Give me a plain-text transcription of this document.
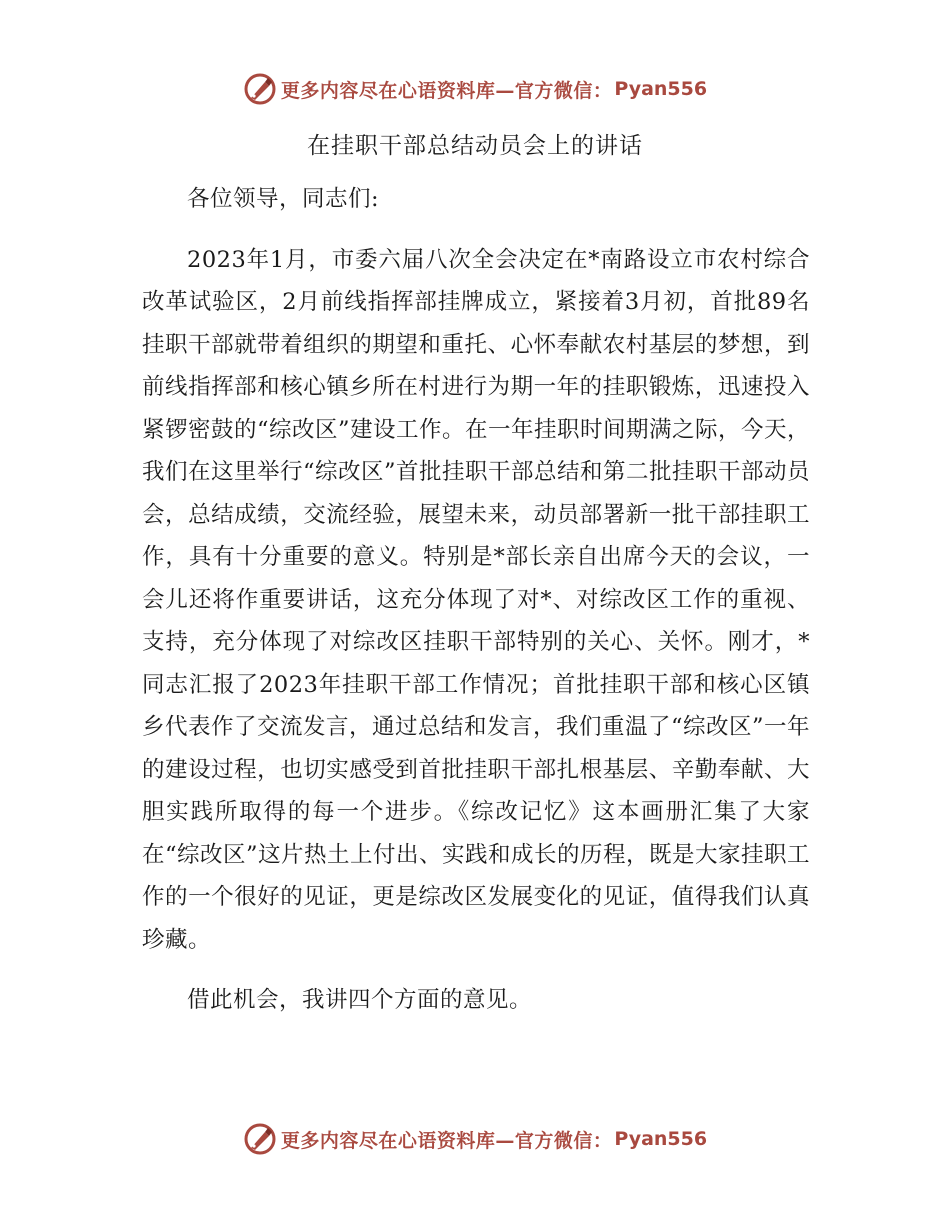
更多内容尽在心语资料库—官方微信： Pyan556
在挂职干部总结动员会上的讲话

各位领导，同志们:

2023年1月，市委六届八次全会决定在*南路设立市农村综合改革试验区，2月前线指挥部挂牌成立，紧接着3月初，首批89名挂职干部就带着组织的期望和重托、心怀奉献农村基层的梦想，到前线指挥部和核心镇乡所在村进行为期一年的挂职锻炼，迅速投入紧锣密鼓的“综改区”建设工作。在一年挂职时间期满之际，今天，我们在这里举行“综改区”首批挂职干部总结和第二批挂职干部动员会，总结成绩，交流经验，展望未来，动员部署新一批干部挂职工作，具有十分重要的意义。特别是*部长亲自出席今天的会议，一会儿还将作重要讲话，这充分体现了对*、对综改区工作的重视、支持，充分体现了对综改区挂职干部特别的关心、关怀。刚才，*同志汇报了2023年挂职干部工作情况；首批挂职干部和核心区镇乡代表作了交流发言，通过总结和发言，我们重温了“综改区”一年的建设过程，也切实感受到首批挂职干部扎根基层、辛勤奉献、大胆实践所取得的每一个进步。《综改记忆》这本画册汇集了大家在“综改区”这片热土上付出、实践和成长的历程，既是大家挂职工作的一个很好的见证，更是综改区发展变化的见证，值得我们认真珍藏。

借此机会，我讲四个方面的意见。

更多内容尽在心语资料库—官方微信： Pyan556
